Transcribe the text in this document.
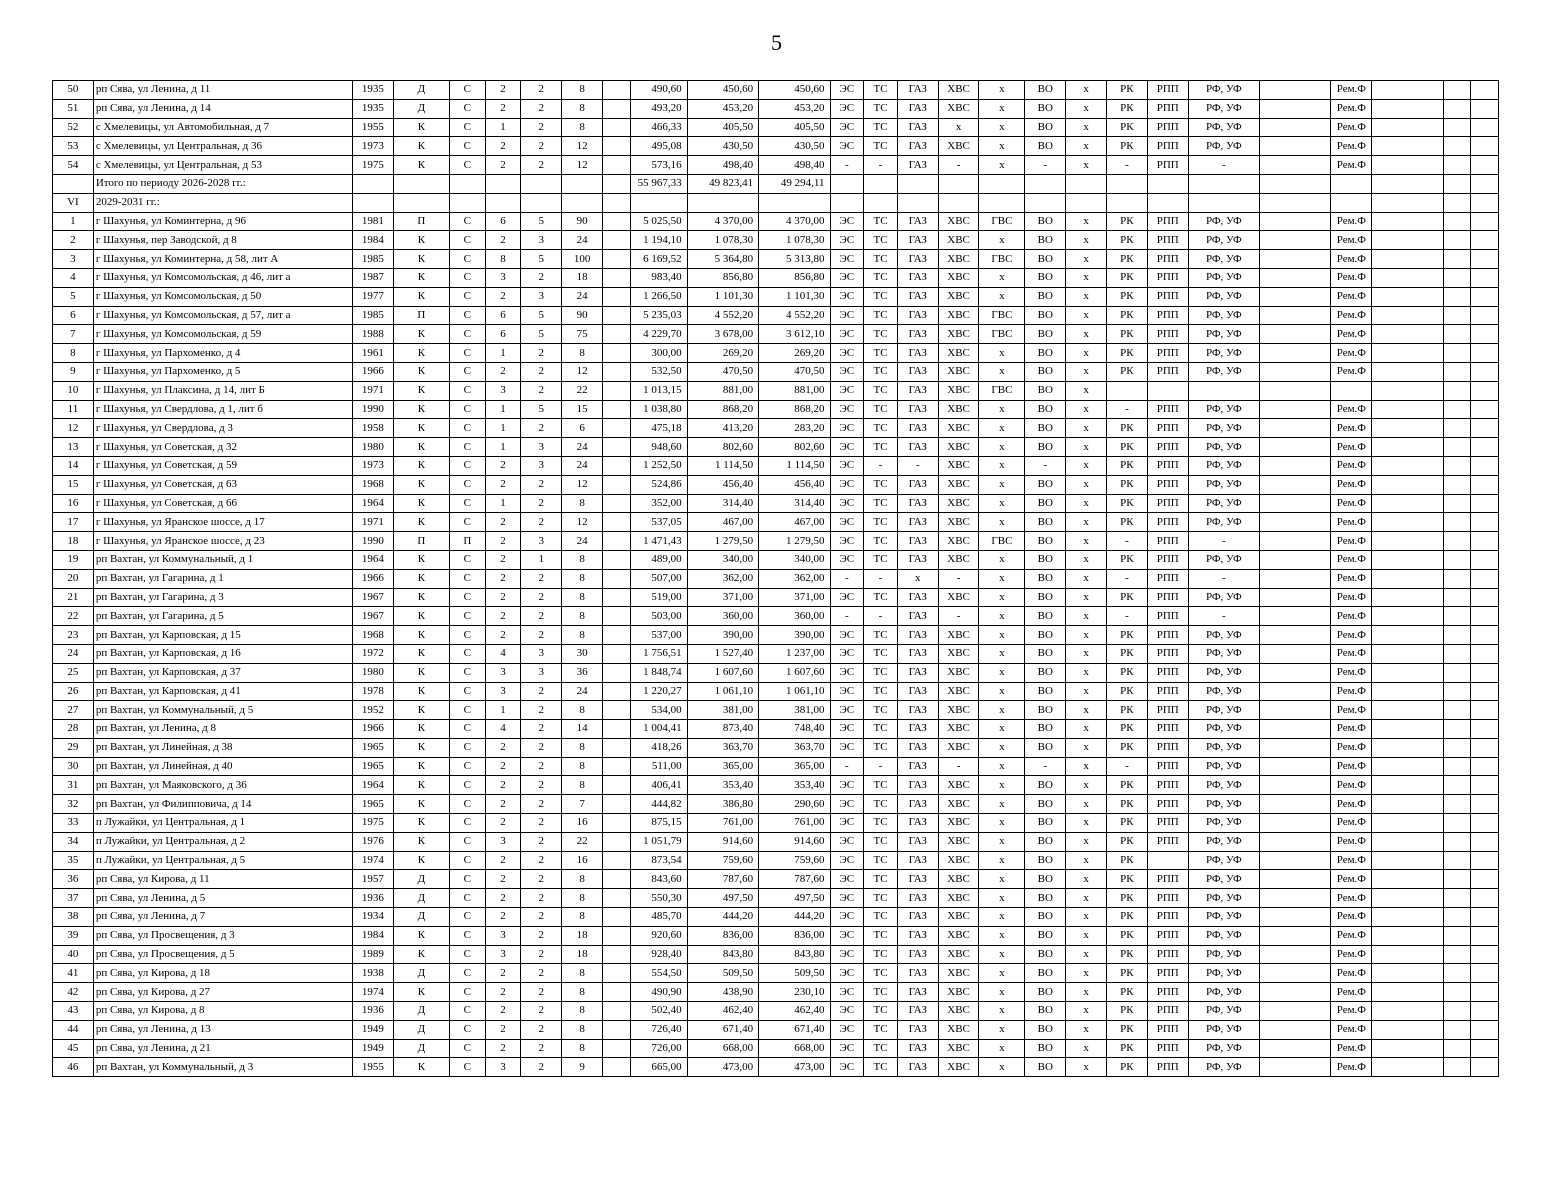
5
50	рп Сява, ул Ленина, д 11	1935	Д	С	2	2	8		490,60	450,60	450,60	ЭС	ТС	ГАЗ	ХВС	х	ВО	х	РК	РПП	РФ, УФ		Рем.Ф			
51	рп Сява, ул Ленина, д 14	1935	Д	С	2	2	8		493,20	453,20	453,20	ЭС	ТС	ГАЗ	ХВС	х	ВО	х	РК	РПП	РФ, УФ		Рем.Ф			
52	с Хмелевицы, ул Автомобильная, д 7	1955	К	С	1	2	8		466,33	405,50	405,50	ЭС	ТС	ГАЗ	х	х	ВО	х	РК	РПП	РФ, УФ		Рем.Ф			
53	с Хмелевицы, ул Центральная, д 36	1973	К	С	2	2	12		495,08	430,50	430,50	ЭС	ТС	ГАЗ	ХВС	х	ВО	х	РК	РПП	РФ, УФ		Рем.Ф			
54	с Хмелевицы, ул Центральная, д 53	1975	К	С	2	2	12		573,16	498,40	498,40	-	-	ГАЗ	-	х	-	х	-	РПП	-		Рем.Ф			
	Итого по периоду 2026-2028 гг.:								55 967,33	49 823,41	49 294,11															
VI	2029-2031 гг.:																									
1	г Шахунья, ул Коминтерна, д 96	1981	П	С	6	5	90		5 025,50	4 370,00	4 370,00	ЭС	ТС	ГАЗ	ХВС	ГВС	ВО	х	РК	РПП	РФ, УФ		Рем.Ф			
2	г Шахунья, пер Заводской, д 8	1984	К	С	2	3	24		1 194,10	1 078,30	1 078,30	ЭС	ТС	ГАЗ	ХВС	х	ВО	х	РК	РПП	РФ, УФ		Рем.Ф			
3	г Шахунья, ул Коминтерна, д 58, лит А	1985	К	С	8	5	100		6 169,52	5 364,80	5 313,80	ЭС	ТС	ГАЗ	ХВС	ГВС	ВО	х	РК	РПП	РФ, УФ		Рем.Ф			
4	г Шахунья, ул Комсомольская, д 46, лит а	1987	К	С	3	2	18		983,40	856,80	856,80	ЭС	ТС	ГАЗ	ХВС	х	ВО	х	РК	РПП	РФ, УФ		Рем.Ф			
5	г Шахунья, ул Комсомольская, д 50	1977	К	С	2	3	24		1 266,50	1 101,30	1 101,30	ЭС	ТС	ГАЗ	ХВС	х	ВО	х	РК	РПП	РФ, УФ		Рем.Ф			
6	г Шахунья, ул Комсомольская, д 57, лит а	1985	П	С	6	5	90		5 235,03	4 552,20	4 552,20	ЭС	ТС	ГАЗ	ХВС	ГВС	ВО	х	РК	РПП	РФ, УФ		Рем.Ф			
7	г Шахунья, ул Комсомольская, д 59	1988	К	С	6	5	75		4 229,70	3 678,00	3 612,10	ЭС	ТС	ГАЗ	ХВС	ГВС	ВО	х	РК	РПП	РФ, УФ		Рем.Ф			
8	г Шахунья, ул Пархоменко, д 4	1961	К	С	1	2	8		300,00	269,20	269,20	ЭС	ТС	ГАЗ	ХВС	х	ВО	х	РК	РПП	РФ, УФ		Рем.Ф			
9	г Шахунья, ул Пархоменко, д 5	1966	К	С	2	2	12		532,50	470,50	470,50	ЭС	ТС	ГАЗ	ХВС	х	ВО	х	РК	РПП	РФ, УФ		Рем.Ф			
10	г Шахунья, ул Плаксина, д 14, лит Б	1971	К	С	3	2	22		1 013,15	881,00	881,00	ЭС	ТС	ГАЗ	ХВС	ГВС	ВО	х								
11	г Шахунья, ул Свердлова, д 1, лит б	1990	К	С	1	5	15		1 038,80	868,20	868,20	ЭС	ТС	ГАЗ	ХВС	х	ВО	х	-	РПП	РФ, УФ		Рем.Ф			
12	г Шахунья, ул Свердлова, д 3	1958	К	С	1	2	6		475,18	413,20	283,20	ЭС	ТС	ГАЗ	ХВС	х	ВО	х	РК	РПП	РФ, УФ		Рем.Ф			
13	г Шахунья, ул Советская, д 32	1980	К	С	1	3	24		948,60	802,60	802,60	ЭС	ТС	ГАЗ	ХВС	х	ВО	х	РК	РПП	РФ, УФ		Рем.Ф			
14	г Шахунья, ул Советская, д 59	1973	К	С	2	3	24		1 252,50	1 114,50	1 114,50	ЭС	-	-	ХВС	х	-	х	РК	РПП	РФ, УФ		Рем.Ф			
15	г Шахунья, ул Советская, д 63	1968	К	С	2	2	12		524,86	456,40	456,40	ЭС	ТС	ГАЗ	ХВС	х	ВО	х	РК	РПП	РФ, УФ		Рем.Ф			
16	г Шахунья, ул Советская, д 66	1964	К	С	1	2	8		352,00	314,40	314,40	ЭС	ТС	ГАЗ	ХВС	х	ВО	х	РК	РПП	РФ, УФ		Рем.Ф			
17	г Шахунья, ул Яранское шоссе, д 17	1971	К	С	2	2	12		537,05	467,00	467,00	ЭС	ТС	ГАЗ	ХВС	х	ВО	х	РК	РПП	РФ, УФ		Рем.Ф			
18	г Шахунья, ул Яранское шоссе, д 23	1990	П	П	2	3	24		1 471,43	1 279,50	1 279,50	ЭС	ТС	ГАЗ	ХВС	ГВС	ВО	х	-	РПП	-		Рем.Ф			
19	рп Вахтан, ул Коммунальный, д 1	1964	К	С	2	1	8		489,00	340,00	340,00	ЭС	ТС	ГАЗ	ХВС	х	ВО	х	РК	РПП	РФ, УФ		Рем.Ф			
20	рп Вахтан, ул Гагарина, д 1	1966	К	С	2	2	8		507,00	362,00	362,00	-	-	х	-	х	ВО	х	-	РПП	-		Рем.Ф			
21	рп Вахтан, ул Гагарина, д 3	1967	К	С	2	2	8		519,00	371,00	371,00	ЭС	ТС	ГАЗ	ХВС	х	ВО	х	РК	РПП	РФ, УФ		Рем.Ф			
22	рп Вахтан, ул Гагарина, д 5	1967	К	С	2	2	8		503,00	360,00	360,00	-	-	ГАЗ	-	х	ВО	х	-	РПП	-		Рем.Ф			
23	рп Вахтан, ул Карповская, д 15	1968	К	С	2	2	8		537,00	390,00	390,00	ЭС	ТС	ГАЗ	ХВС	х	ВО	х	РК	РПП	РФ, УФ		Рем.Ф			
24	рп Вахтан, ул Карповская, д 16	1972	К	С	4	3	30		1 756,51	1 527,40	1 237,00	ЭС	ТС	ГАЗ	ХВС	х	ВО	х	РК	РПП	РФ, УФ		Рем.Ф			
25	рп Вахтан, ул Карповская, д 37	1980	К	С	3	3	36		1 848,74	1 607,60	1 607,60	ЭС	ТС	ГАЗ	ХВС	х	ВО	х	РК	РПП	РФ, УФ		Рем.Ф			
26	рп Вахтан, ул Карповская, д 41	1978	К	С	3	2	24		1 220,27	1 061,10	1 061,10	ЭС	ТС	ГАЗ	ХВС	х	ВО	х	РК	РПП	РФ, УФ		Рем.Ф			
27	рп Вахтан, ул Коммунальный, д 5	1952	К	С	1	2	8		534,00	381,00	381,00	ЭС	ТС	ГАЗ	ХВС	х	ВО	х	РК	РПП	РФ, УФ		Рем.Ф			
28	рп Вахтан, ул Ленина, д 8	1966	К	С	4	2	14		1 004,41	873,40	748,40	ЭС	ТС	ГАЗ	ХВС	х	ВО	х	РК	РПП	РФ, УФ		Рем.Ф			
29	рп Вахтан, ул Линейная, д 38	1965	К	С	2	2	8		418,26	363,70	363,70	ЭС	ТС	ГАЗ	ХВС	х	ВО	х	РК	РПП	РФ, УФ		Рем.Ф			
30	рп Вахтан, ул Линейная, д 40	1965	К	С	2	2	8		511,00	365,00	365,00	-	-	ГАЗ	-	х	-	х	-	РПП	РФ, УФ		Рем.Ф			
31	рп Вахтан, ул Маяковского, д 36	1964	К	С	2	2	8		406,41	353,40	353,40	ЭС	ТС	ГАЗ	ХВС	х	ВО	х	РК	РПП	РФ, УФ		Рем.Ф			
32	рп Вахтан, ул Филипповича, д 14	1965	К	С	2	2	7		444,82	386,80	290,60	ЭС	ТС	ГАЗ	ХВС	х	ВО	х	РК	РПП	РФ, УФ		Рем.Ф			
33	п Лужайки, ул Центральная, д 1	1975	К	С	2	2	16		875,15	761,00	761,00	ЭС	ТС	ГАЗ	ХВС	х	ВО	х	РК	РПП	РФ, УФ		Рем.Ф			
34	п Лужайки, ул Центральная, д 2	1976	К	С	3	2	22		1 051,79	914,60	914,60	ЭС	ТС	ГАЗ	ХВС	х	ВО	х	РК	РПП	РФ, УФ		Рем.Ф			
35	п Лужайки, ул Центральная, д 5	1974	К	С	2	2	16		873,54	759,60	759,60	ЭС	ТС	ГАЗ	ХВС	х	ВО	х	РК		РФ, УФ		Рем.Ф			
36	рп Сява, ул Кирова, д 11	1957	Д	С	2	2	8		843,60	787,60	787,60	ЭС	ТС	ГАЗ	ХВС	х	ВО	х	РК	РПП	РФ, УФ		Рем.Ф			
37	рп Сява, ул Ленина, д 5	1936	Д	С	2	2	8		550,30	497,50	497,50	ЭС	ТС	ГАЗ	ХВС	х	ВО	х	РК	РПП	РФ, УФ		Рем.Ф			
38	рп Сява, ул Ленина, д 7	1934	Д	С	2	2	8		485,70	444,20	444,20	ЭС	ТС	ГАЗ	ХВС	х	ВО	х	РК	РПП	РФ, УФ		Рем.Ф			
39	рп Сява, ул Просвещения, д 3	1984	К	С	3	2	18		920,60	836,00	836,00	ЭС	ТС	ГАЗ	ХВС	х	ВО	х	РК	РПП	РФ, УФ		Рем.Ф			
40	рп Сява, ул Просвещения, д 5	1989	К	С	3	2	18		928,40	843,80	843,80	ЭС	ТС	ГАЗ	ХВС	х	ВО	х	РК	РПП	РФ, УФ		Рем.Ф			
41	рп Сява, ул Кирова, д 18	1938	Д	С	2	2	8		554,50	509,50	509,50	ЭС	ТС	ГАЗ	ХВС	х	ВО	х	РК	РПП	РФ, УФ		Рем.Ф			
42	рп Сява, ул Кирова, д 27	1974	К	С	2	2	8		490,90	438,90	230,10	ЭС	ТС	ГАЗ	ХВС	х	ВО	х	РК	РПП	РФ, УФ		Рем.Ф			
43	рп Сява, ул Кирова, д 8	1936	Д	С	2	2	8		502,40	462,40	462,40	ЭС	ТС	ГАЗ	ХВС	х	ВО	х	РК	РПП	РФ, УФ		Рем.Ф			
44	рп Сява, ул Ленина, д 13	1949	Д	С	2	2	8		726,40	671,40	671,40	ЭС	ТС	ГАЗ	ХВС	х	ВО	х	РК	РПП	РФ, УФ		Рем.Ф			
45	рп Сява, ул Ленина, д 21	1949	Д	С	2	2	8		726,00	668,00	668,00	ЭС	ТС	ГАЗ	ХВС	х	ВО	х	РК	РПП	РФ, УФ		Рем.Ф			
46	рп Вахтан, ул Коммунальный, д 3	1955	К	С	3	2	9		665,00	473,00	473,00	ЭС	ТС	ГАЗ	ХВС	х	ВО	х	РК	РПП	РФ, УФ		Рем.Ф			
